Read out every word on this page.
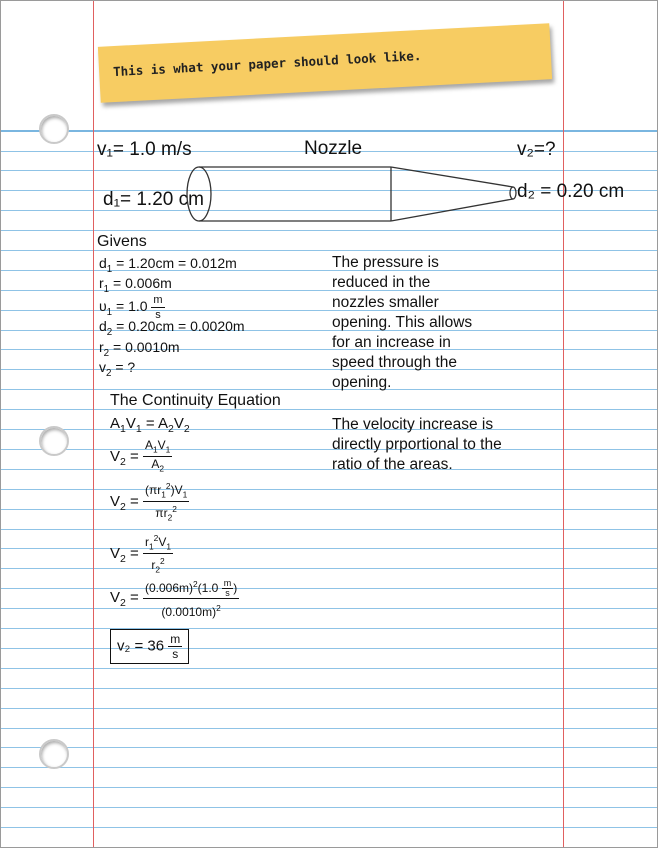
This is what your paper should look like.
v₁= 1.0 m/s	Nozzle	v₂=?
d₁= 1.20 cm	d₂ = 0.20 cm
Givens
$d_1 = 1.20cm = 0.012m$
$r_1 = 0.006m$
$\upsilon_1 = 1.0 \frac{m}{s}$
$d_2 = 0.20cm = 0.0020m$
$r_2 = 0.0010m$
$v_2$ = ?
The Continuity Equation
$A_1V_1 = A_2V_2$
$V_2 = \frac{A_1V_1}{A_2}$
$V_2 = \frac{(\pi r_1^2)V_1}{\pi r_2^2}$
$V_2 = \frac{r_1^2V_1}{r_2^2}$
$V_2 = \frac{(0.006m)^2(1.0 \frac{m}{s} )}{(0.0010m)^2}$
$v_2 = 36 \frac{m}{s}$
The pressure is
reduced in the
nozzles smaller
opening. This allows
for an increase in
speed through the
opening.
The velocity increase is
directly prportional to the
ratio of the areas.
